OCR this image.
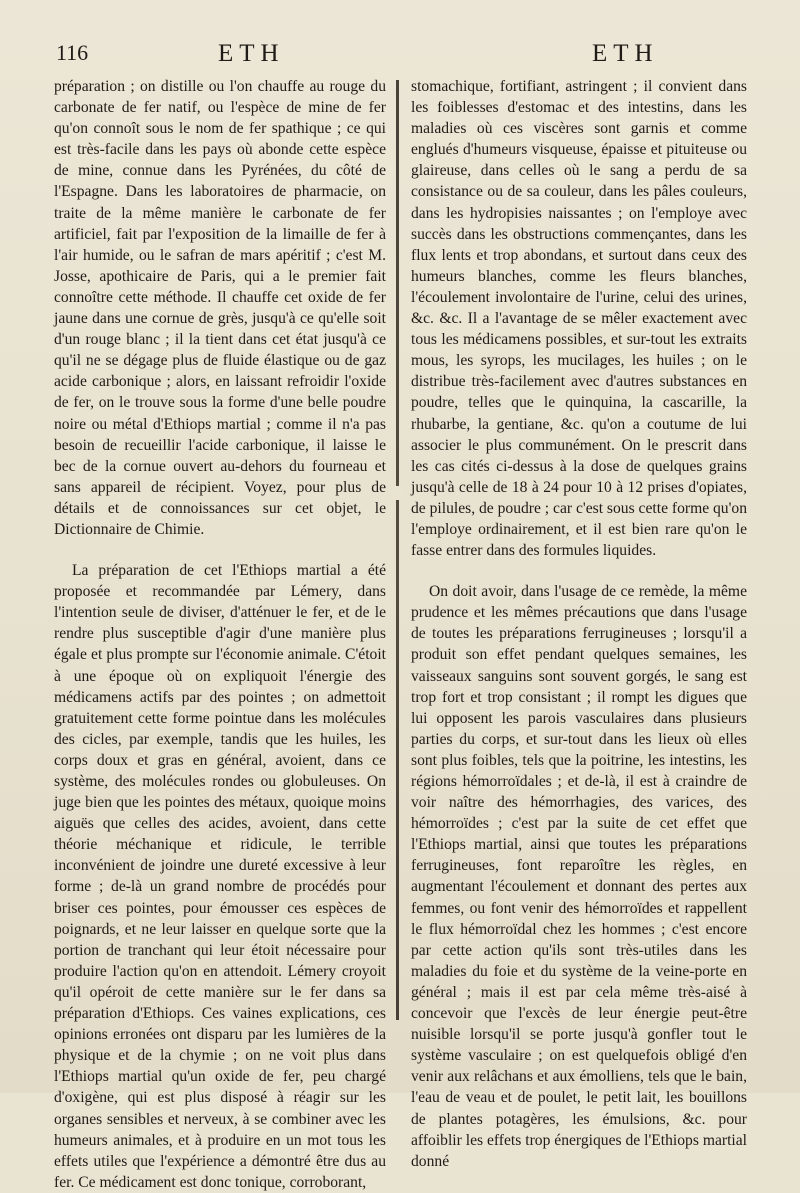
116	ETH	ETH

préparation ; on distille ou l'on chauffe au rouge du carbonate de fer natif, ou l'espèce de mine de fer qu'on connoît sous le nom de fer spathique ; ce qui est très-facile dans les pays où abonde cette espèce de mine, connue dans les Pyrénées, du côté de l'Espagne. Dans les laboratoires de pharmacie, on traite de la même manière le carbonate de fer artificiel, fait par l'exposition de la limaille de fer à l'air humide, ou le safran de mars apéritif ; c'est M. Josse, apothicaire de Paris, qui a le premier fait connoître cette méthode. Il chauffe cet oxide de fer jaune dans une cornue de grès, jusqu'à ce qu'elle soit d'un rouge blanc ; il la tient dans cet état jusqu'à ce qu'il ne se dégage plus de fluide élastique ou de gaz acide carbonique ; alors, en laissant refroidir l'oxide de fer, on le trouve sous la forme d'une belle poudre noire ou métal d'Ethiops martial ; comme il n'a pas besoin de recueillir l'acide carbonique, il laisse le bec de la cornue ouvert au-dehors du fourneau et sans appareil de récipient. Voyez, pour plus de détails et de connoissances sur cet objet, le Dictionnaire de Chimie.

La préparation de cet l'Ethiops martial a été proposée et recommandée par Lémery, dans l'intention seule de diviser, d'atténuer le fer, et de le rendre plus susceptible d'agir d'une manière plus égale et plus prompte sur l'économie animale. C'étoit à une époque où on expliquoit l'énergie des médicamens actifs par des pointes ; on admettoit gratuitement cette forme pointue dans les molécules des cicles, par exemple, tandis que les huiles, les corps doux et gras en général, avoient, dans ce système, des molécules rondes ou globuleuses. On juge bien que les pointes des métaux, quoique moins aiguës que celles des acides, avoient, dans cette théorie méchanique et ridicule, le terrible inconvénient de joindre une dureté excessive à leur forme ; de-là un grand nombre de procédés pour briser ces pointes, pour émousser ces espèces de poignards, et ne leur laisser en quelque sorte que la portion de tranchant qui leur étoit nécessaire pour produire l'action qu'on en attendoit. Lémery croyoit qu'il opéroit de cette manière sur le fer dans sa préparation d'Ethiops. Ces vaines explications, ces opinions erronées ont disparu par les lumières de la physique et de la chymie ; on ne voit plus dans l'Ethiops martial qu'un oxide de fer, peu chargé d'oxigène, qui est plus disposé à réagir sur les organes sensibles et nerveux, à se combiner avec les humeurs animales, et à produire en un mot tous les effets utiles que l'expérience a démontré être dus au fer. Ce médicament est donc tonique, corroborant,

stomachique, fortifiant, astringent ; il convient dans les foiblesses d'estomac et des intestins, dans les maladies où ces viscères sont garnis et comme englués d'humeurs visqueuse, épaisse et pituiteuse ou glaireuse, dans celles où le sang a perdu de sa consistance ou de sa couleur, dans les pâles couleurs, dans les hydropisies naissantes ; on l'employe avec succès dans les obstructions commençantes, dans les flux lents et trop abondans, et surtout dans ceux des humeurs blanches, comme les fleurs blanches, l'écoulement involontaire de l'urine, celui des urines, &c. &c. Il a l'avantage de se mêler exactement avec tous les médicamens possibles, et sur-tout les extraits mous, les syrops, les mucilages, les huiles ; on le distribue très-facilement avec d'autres substances en poudre, telles que le quinquina, la cascarille, la rhubarbe, la gentiane, &c. qu'on a coutume de lui associer le plus communément. On le prescrit dans les cas cités ci-dessus à la dose de quelques grains jusqu'à celle de 18 à 24 pour 10 à 12 prises d'opiates, de pilules, de poudre ; car c'est sous cette forme qu'on l'employe ordinairement, et il est bien rare qu'on le fasse entrer dans des formules liquides.

On doit avoir, dans l'usage de ce remède, la même prudence et les mêmes précautions que dans l'usage de toutes les préparations ferrugineuses ; lorsqu'il a produit son effet pendant quelques semaines, les vaisseaux sanguins sont souvent gorgés, le sang est trop fort et trop consistant ; il rompt les digues que lui opposent les parois vasculaires dans plusieurs parties du corps, et sur-tout dans les lieux où elles sont plus foibles, tels que la poitrine, les intestins, les régions hémorroïdales ; et de-là, il est à craindre de voir naître des hémorrhagies, des varices, des hémorroïdes ; c'est par la suite de cet effet que l'Ethiops martial, ainsi que toutes les préparations ferrugineuses, font reparoître les règles, en augmentant l'écoulement et donnant des pertes aux femmes, ou font venir des hémorroïdes et rappellent le flux hémorroïdal chez les hommes ; c'est encore par cette action qu'ils sont très-utiles dans les maladies du foie et du système de la veine-porte en général ; mais il est par cela même très-aisé à concevoir que l'excès de leur énergie peut-être nuisible lorsqu'il se porte jusqu'à gonfler tout le système vasculaire ; on est quelquefois obligé d'en venir aux relâchans et aux émolliens, tels que le bain, l'eau de veau et de poulet, le petit lait, les bouillons de plantes potagères, les émulsions, &c. pour affoiblir les effets trop énergiques de l'Ethiops martial donné
